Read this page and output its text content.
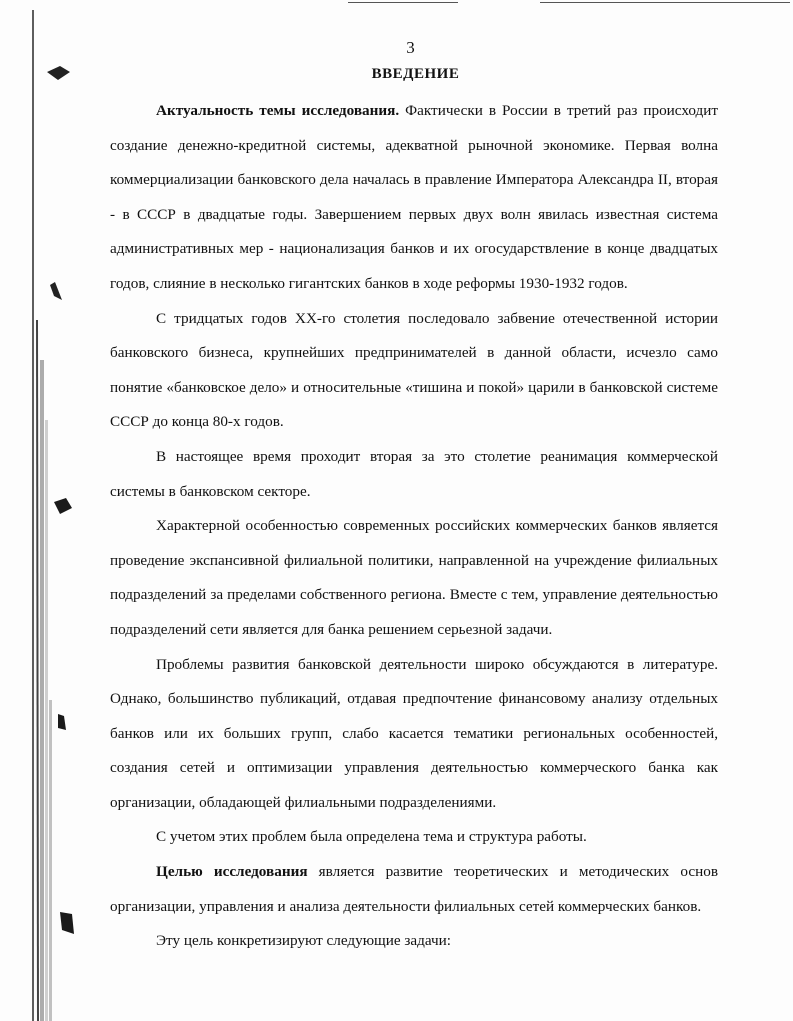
3
ВВЕДЕНИЕ

Актуальность темы исследования. Фактически в России в третий раз происходит создание денежно-кредитной системы, адекватной рыночной экономике. Первая волна коммерциализации банковского дела началась в правление Императора Александра II, вторая - в СССР в двадцатые годы. Завершением первых двух волн явилась известная система административных мер - национализация банков и их огосударствление в конце двадцатых годов, слияние в несколько гигантских банков в ходе реформы 1930-1932 годов.

С тридцатых годов XX-го столетия последовало забвение отечественной истории банковского бизнеса, крупнейших предпринимателей в данной области, исчезло само понятие «банковское дело» и относительные «тишина и покой» царили в банковской системе СССР до конца 80-х годов.

В настоящее время проходит вторая за это столетие реанимация коммерческой системы в банковском секторе.

Характерной особенностью современных российских коммерческих банков является проведение экспансивной филиальной политики, направленной на учреждение филиальных подразделений за пределами собственного региона. Вместе с тем, управление деятельностью подразделений сети является для банка решением серьезной задачи.

Проблемы развития банковской деятельности широко обсуждаются в литературе. Однако, большинство публикаций, отдавая предпочтение финансовому анализу отдельных банков или их больших групп, слабо касается тематики региональных особенностей, создания сетей и оптимизации управления деятельностью коммерческого банка как организации, обладающей филиальными подразделениями.

С учетом этих проблем была определена тема и структура работы.

Целью исследования является развитие теоретических и методических основ организации, управления и анализа деятельности филиальных сетей коммерческих банков.

Эту цель конкретизируют следующие задачи:
